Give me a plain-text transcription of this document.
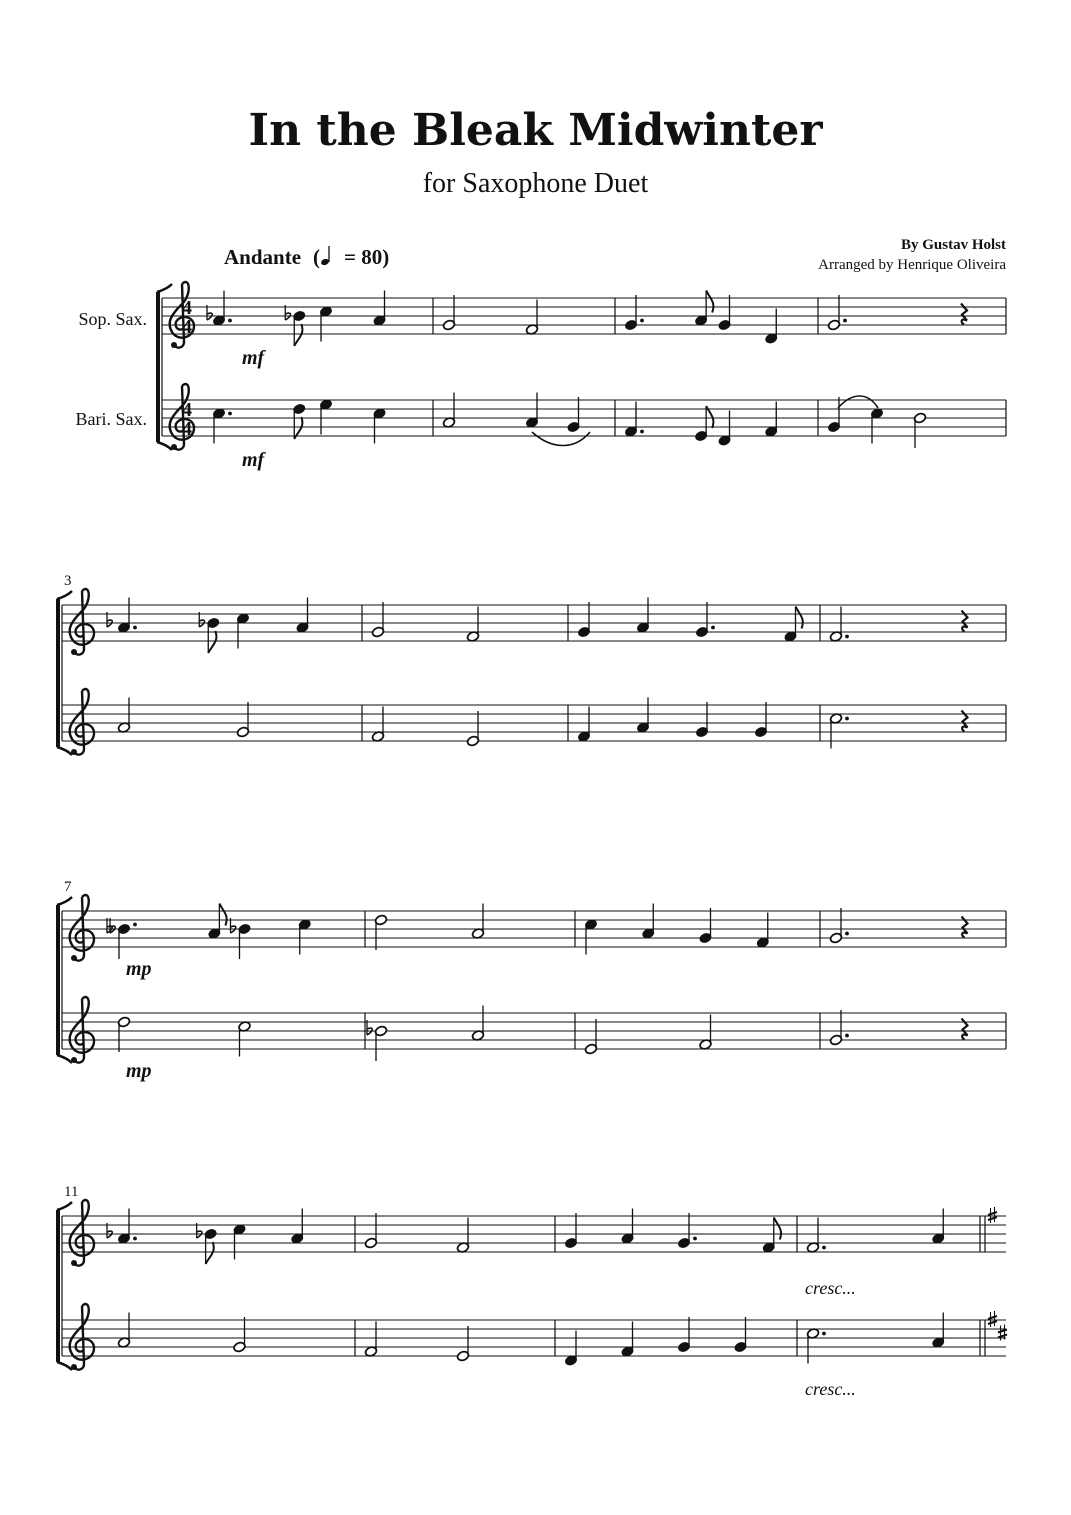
In the Bleak Midwinter
for Saxophone Duet
By Gustav Holst
Arranged by Henrique Oliveira
3
7
11
4
4
4
4
Sop. Sax.
Bari. Sax.
Andante ( = 80)
mf
mf
mp
mp
cresc...
cresc...
